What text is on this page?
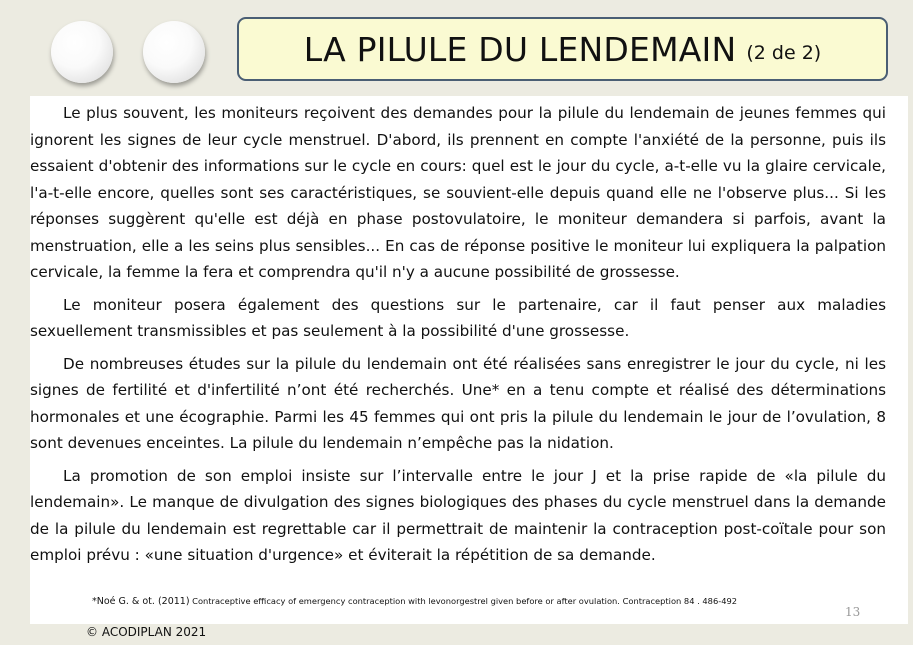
LA PILULE DU LENDEMAIN (2 de 2)

Le plus souvent, les moniteurs reçoivent des demandes pour la pilule du lendemain de jeunes femmes qui ignorent les signes de leur cycle menstruel. D'abord, ils prennent en compte l'anxiété de la personne, puis ils essaient d'obtenir des informations sur le cycle en cours: quel est le jour du cycle, a-t-elle vu la glaire cervicale, l'a-t-elle encore, quelles sont ses caractéristiques, se souvient-elle depuis quand elle ne l'observe plus... Si les réponses suggèrent qu'elle est déjà en phase postovulatoire, le moniteur demandera si parfois, avant la menstruation, elle a les seins plus sensibles... En cas de réponse positive le moniteur lui expliquera la palpation cervicale, la femme la fera et comprendra qu'il n'y a aucune possibilité de grossesse.

Le moniteur posera également des questions sur le partenaire, car il faut penser aux maladies sexuellement transmissibles et pas seulement à la possibilité d'une grossesse.

De nombreuses études sur la pilule du lendemain ont été réalisées sans enregistrer le jour du cycle, ni les signes de fertilité et d'infertilité n’ont été recherchés. Une* en a tenu compte et réalisé des déterminations hormonales et une écographie. Parmi les 45 femmes qui ont pris la pilule du lendemain le jour de l’ovulation, 8 sont devenues enceintes. La pilule du lendemain n’empêche pas la nidation.

La promotion de son emploi insiste sur l’intervalle entre le jour J et la prise rapide de «la pilule du lendemain». Le manque de divulgation des signes biologiques des phases du cycle menstruel dans la demande de la pilule du lendemain est regrettable car il permettrait de maintenir la contraception post-coïtale pour son emploi prévu : «une situation d'urgence» et éviterait la répétition de sa demande.

*Noé G. & ot. (2011) Contraceptive efficacy of emergency contraception with levonorgestrel given before or after ovulation. Contraception 84 . 486-492
13
© ACODIPLAN 2021
